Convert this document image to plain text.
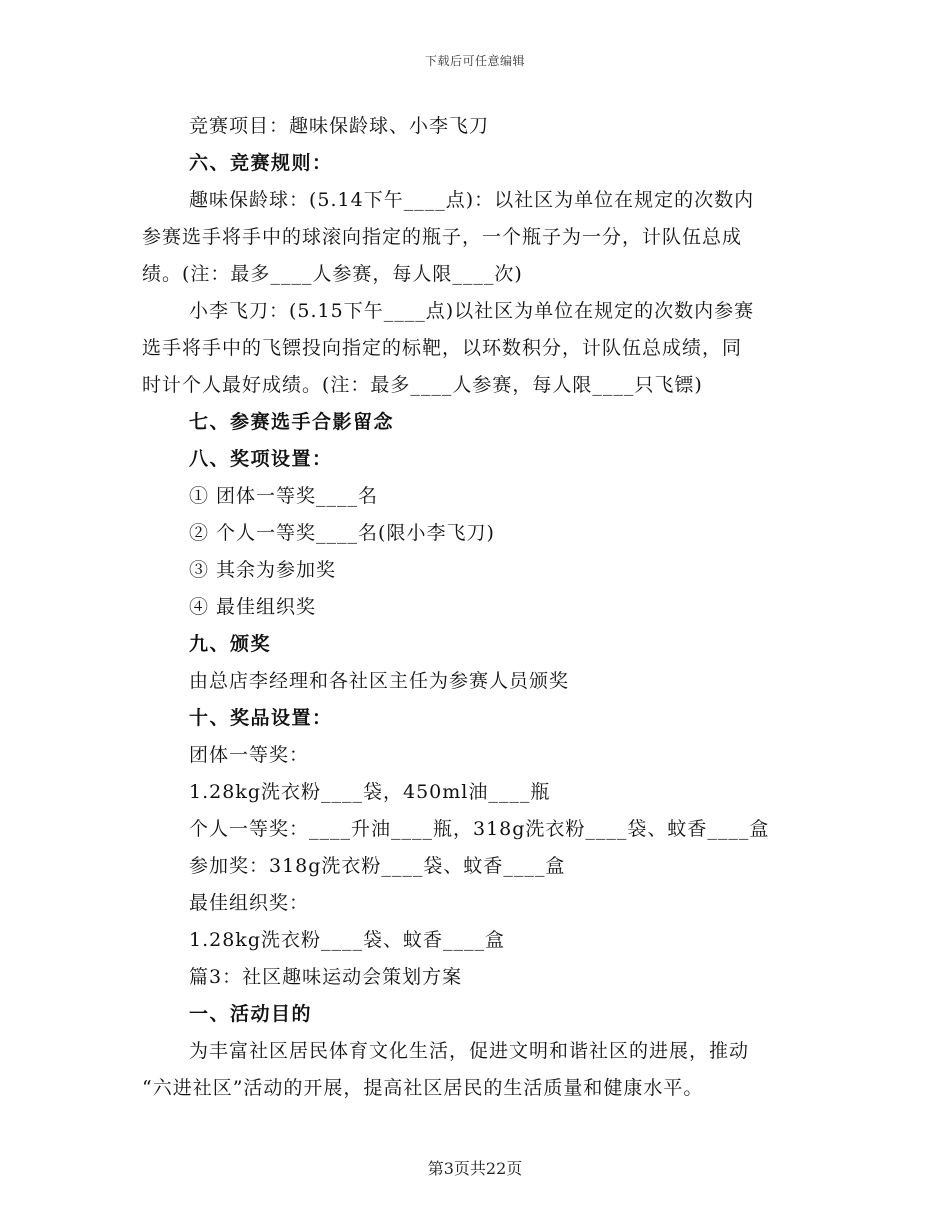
下载后可任意编辑

竞赛项目：趣味保龄球、小李飞刀

六、竞赛规则：

趣味保龄球：(5.14下午____点)：以社区为单位在规定的次数内

参赛选手将手中的球滚向指定的瓶子，一个瓶子为一分，计队伍总成

绩。(注：最多____人参赛，每人限____次)

小李飞刀：(5.15下午____点)以社区为单位在规定的次数内参赛

选手将手中的飞镖投向指定的标靶，以环数积分，计队伍总成绩，同

时计个人最好成绩。(注：最多____人参赛，每人限____只飞镖)

七、参赛选手合影留念

八、奖项设置：

① 团体一等奖____名

② 个人一等奖____名(限小李飞刀)

③ 其余为参加奖

④ 最佳组织奖

九、颁奖

由总店李经理和各社区主任为参赛人员颁奖

十、奖品设置：

团体一等奖：

1.28kg洗衣粉____袋，450ml油____瓶

个人一等奖：____升油____瓶，318g洗衣粉____袋、蚊香____盒

参加奖：318g洗衣粉____袋、蚊香____盒

最佳组织奖：

1.28kg洗衣粉____袋、蚊香____盒

篇3：社区趣味运动会策划方案

一、活动目的

为丰富社区居民体育文化生活，促进文明和谐社区的进展，推动

“六进社区”活动的开展，提高社区居民的生活质量和健康水平。

第3页共22页
